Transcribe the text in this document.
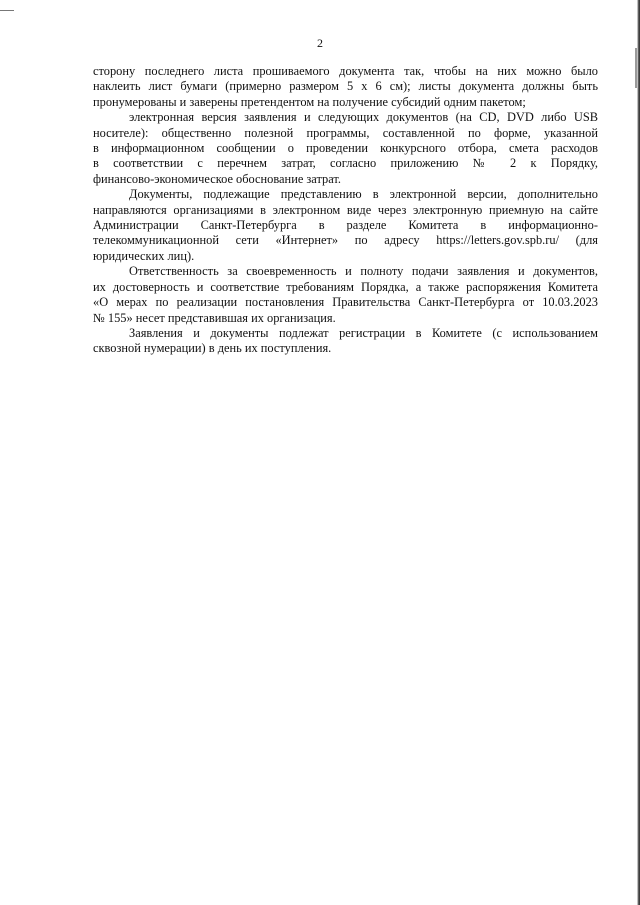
2
сторону последнего листа прошиваемого документа так, чтобы на них можно было
наклеить лист бумаги (примерно размером 5 х 6 см); листы документа должны быть
пронумерованы и заверены претендентом на получение субсидий одним пакетом;
электронная версия заявления и следующих документов (на CD, DVD либо USB
носителе): общественно полезной программы, составленной по форме, указанной
в информационном сообщении о проведении конкурсного отбора, смета расходов
в соответствии с перечнем затрат, согласно приложению № 2 к Порядку,
финансово-экономическое обоснование затрат.
Документы, подлежащие представлению в электронной версии, дополнительно
направляются организациями в электронном виде через электронную приемную на сайте
Администрации Санкт-Петербурга в разделе Комитета в информационно-
телекоммуникационной сети «Интернет» по адресу https://letters.gov.spb.ru/ (для
юридических лиц).
Ответственность за своевременность и полноту подачи заявления и документов,
их достоверность и соответствие требованиям Порядка, а также распоряжения Комитета
«О мерах по реализации постановления Правительства Санкт-Петербурга от 10.03.2023
№ 155» несет представившая их организация.
Заявления и документы подлежат регистрации в Комитете (с использованием
сквозной нумерации) в день их поступления.
